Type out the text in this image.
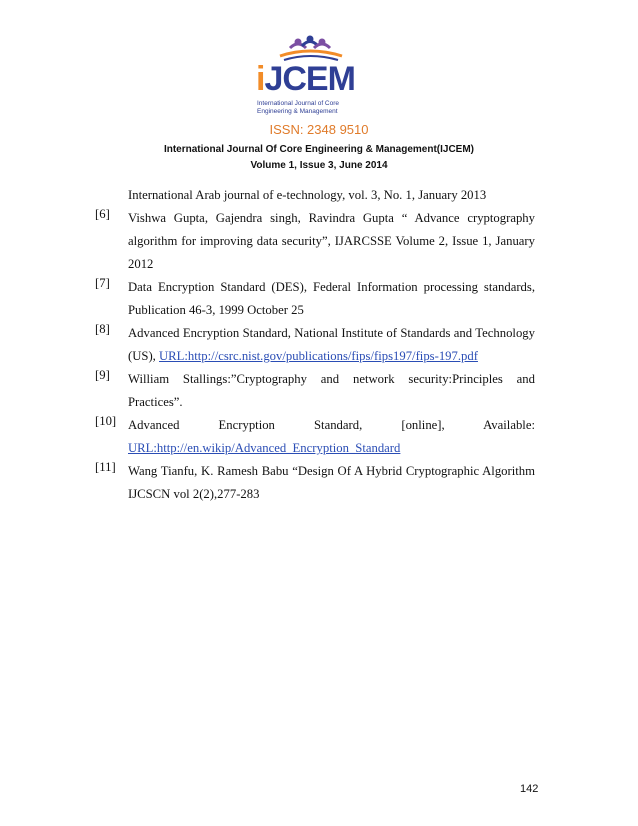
iJCEM
International Journal of Core
Engineering & Management
ISSN: 2348 9510
International Journal Of Core Engineering & Management(IJCEM)
Volume 1, Issue 3, June 2014
International Arab journal of e-technology, vol. 3, No. 1, January 2013
[6]	Vishwa Gupta, Gajendra singh, Ravindra Gupta “ Advance cryptography
algorithm for improving data security”, IJARCSSE Volume 2, Issue 1, January
2012
[7]	Data Encryption Standard (DES), Federal Information processing standards,
Publication 46-3, 1999 October 25
[8]	Advanced Encryption Standard, National Institute of Standards and Technology
(US), URL:http://csrc.nist.gov/publications/fips/fips197/fips-197.pdf
[9]	William Stallings:”Cryptography and network security:Principles and
Practices”.
[10] Advanced Encryption Standard, [online], Available:
URL:http://en.wikip/Advanced_Encryption_Standard
[11] Wang Tianfu, K. Ramesh Babu “Design Of A Hybrid Cryptographic Algorithm
IJCSCN vol 2(2),277-283
142
